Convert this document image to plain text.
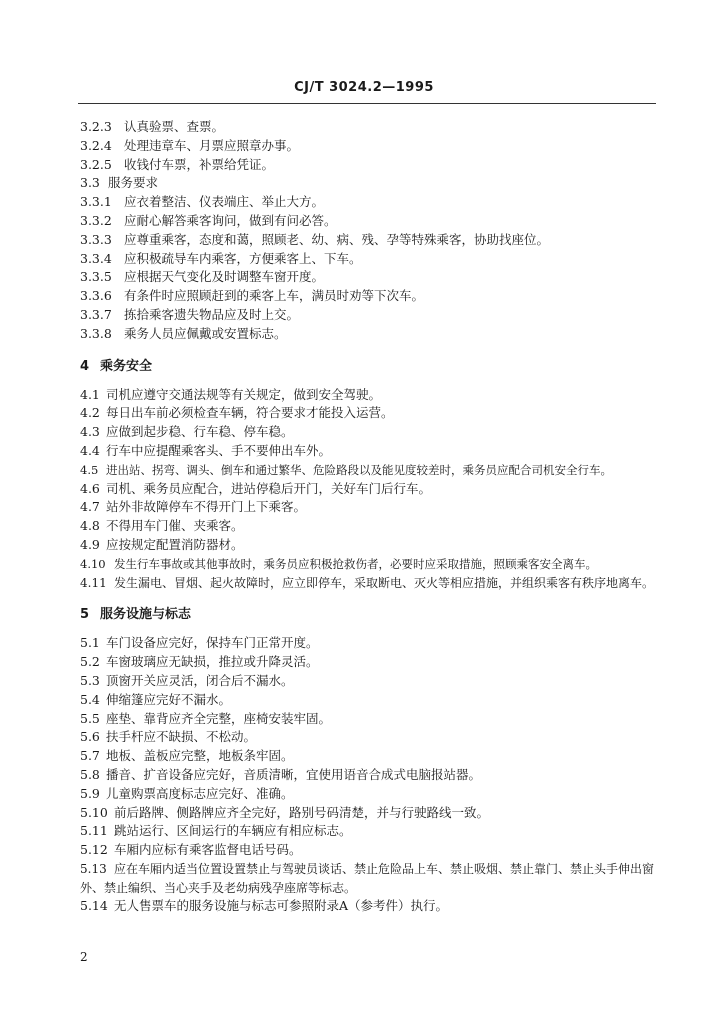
CJ/T 3024.2—1995
3.2.3 认真验票、查票。
3.2.4 处理违章车、月票应照章办事。
3.2.5 收钱付车票，补票给凭证。
3.3 服务要求
3.3.1 应衣着整洁、仪表端庄、举止大方。
3.3.2 应耐心解答乘客询问，做到有问必答。
3.3.3 应尊重乘客，态度和蔼，照顾老、幼、病、残、孕等特殊乘客，协助找座位。
3.3.4 应积极疏导车内乘客，方便乘客上、下车。
3.3.5 应根据天气变化及时调整车窗开度。
3.3.6 有条件时应照顾赶到的乘客上车，满员时劝等下次车。
3.3.7 拣拾乘客遗失物品应及时上交。
3.3.8 乘务人员应佩戴或安置标志。
4 乘务安全
4.1 司机应遵守交通法规等有关规定，做到安全驾驶。
4.2 每日出车前必须检查车辆，符合要求才能投入运营。
4.3 应做到起步稳、行车稳、停车稳。
4.4 行车中应提醒乘客头、手不要伸出车外。
4.5 进出站、拐弯、调头、倒车和通过繁华、危险路段以及能见度较差时，乘务员应配合司机安全行车。
4.6 司机、乘务员应配合，进站停稳后开门，关好车门后行车。
4.7 站外非故障停车不得开门上下乘客。
4.8 不得用车门催、夹乘客。
4.9 应按规定配置消防器材。
4.10 发生行车事故或其他事故时，乘务员应积极抢救伤者，必要时应采取措施，照顾乘客安全离车。
4.11 发生漏电、冒烟、起火故障时，应立即停车，采取断电、灭火等相应措施，并组织乘客有秩序地离车。
5 服务设施与标志
5.1 车门设备应完好，保持车门正常开度。
5.2 车窗玻璃应无缺损，推拉或升降灵活。
5.3 顶窗开关应灵活，闭合后不漏水。
5.4 伸缩篷应完好不漏水。
5.5 座垫、靠背应齐全完整，座椅安装牢固。
5.6 扶手杆应不缺损、不松动。
5.7 地板、盖板应完整，地板条牢固。
5.8 播音、扩音设备应完好，音质清晰，宜使用语音合成式电脑报站器。
5.9 儿童购票高度标志应完好、准确。
5.10 前后路牌、侧路牌应齐全完好，路别号码清楚，并与行驶路线一致。
5.11 跳站运行、区间运行的车辆应有相应标志。
5.12 车厢内应标有乘客监督电话号码。
5.13 应在车厢内适当位置设置禁止与驾驶员谈话、禁止危险品上车、禁止吸烟、禁止靠门、禁止头手伸出窗外、禁止编织、当心夹手及老幼病残孕座席等标志。
5.14 无人售票车的服务设施与标志可参照附录A（参考件）执行。
2
